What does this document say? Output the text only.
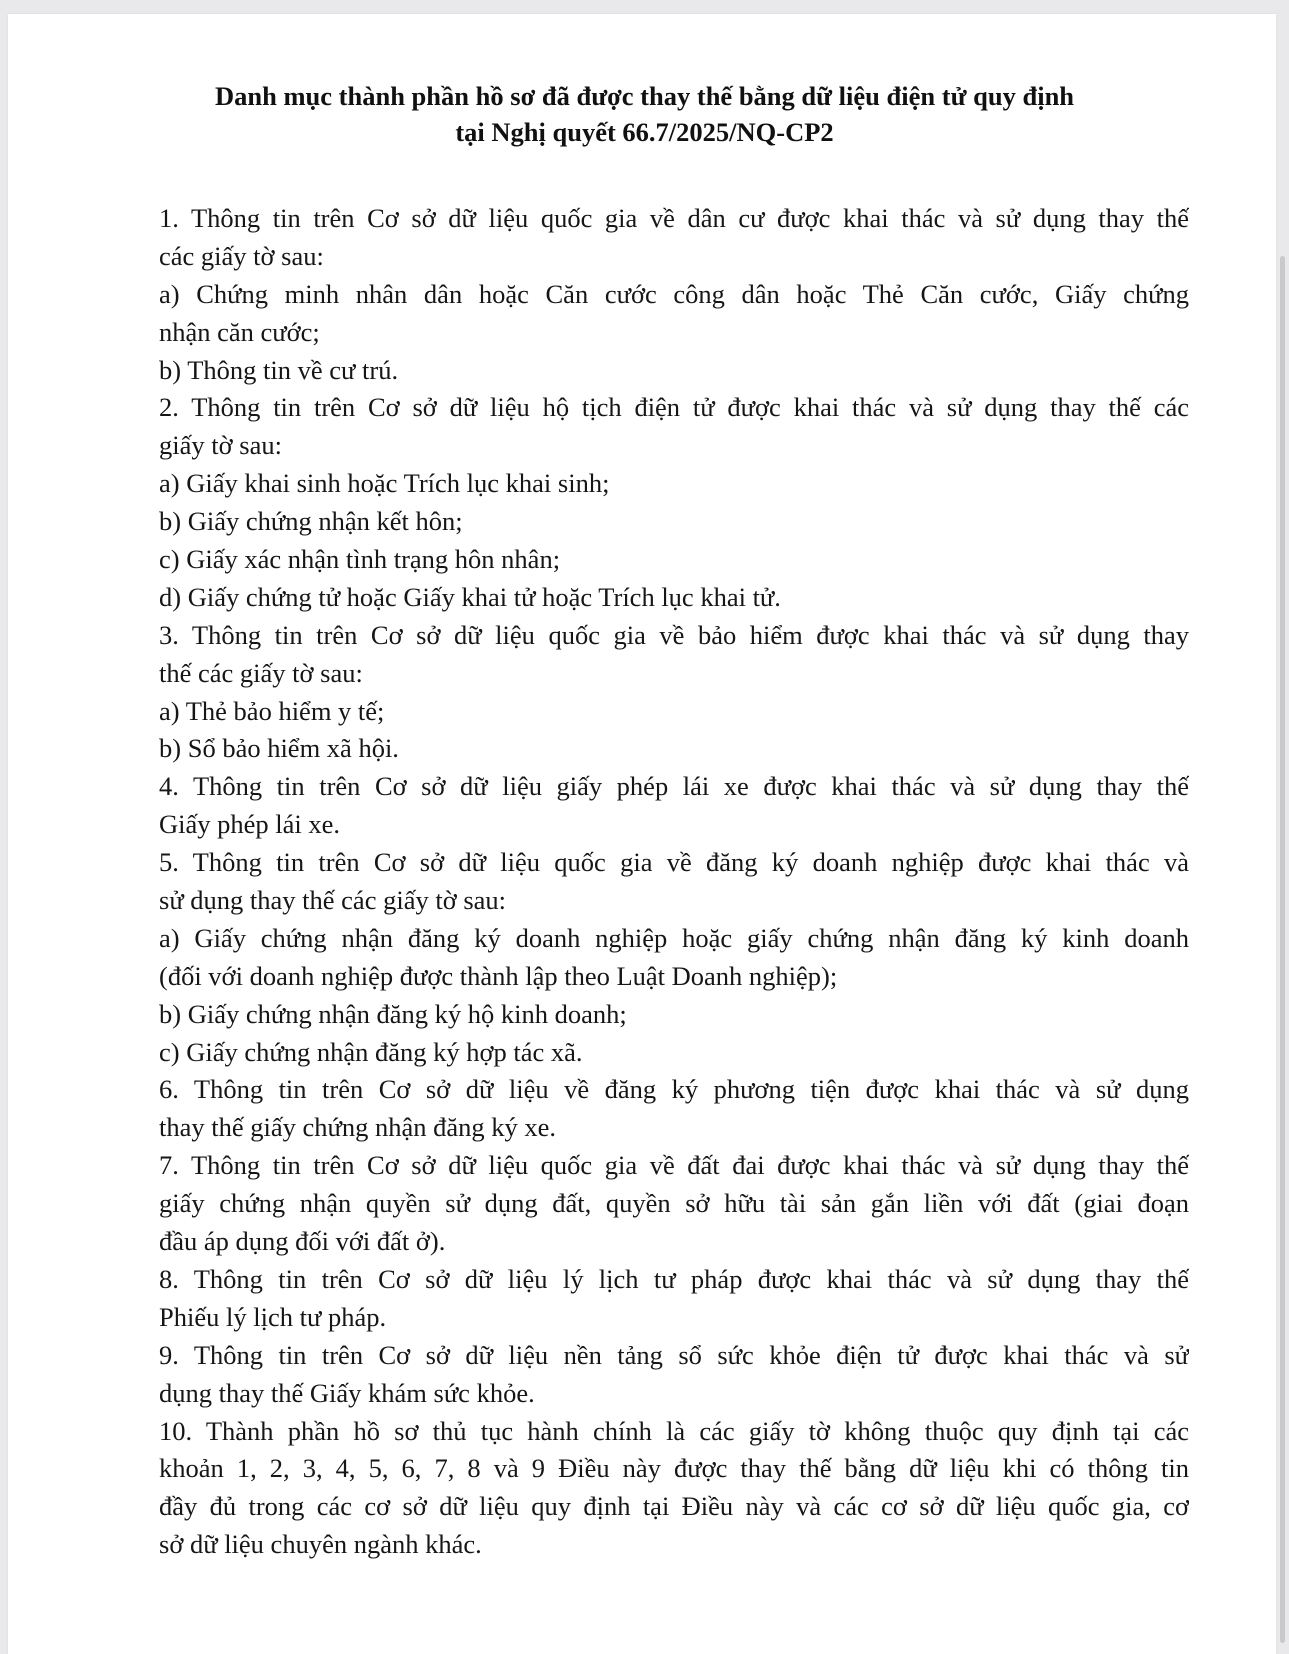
Danh mục thành phần hồ sơ đã được thay thế bằng dữ liệu điện tử quy định
tại Nghị quyết 66.7/2025/NQ-CP2
1. Thông tin trên Cơ sở dữ liệu quốc gia về dân cư được khai thác và sử dụng thay thế
các giấy tờ sau:
a) Chứng minh nhân dân hoặc Căn cước công dân hoặc Thẻ Căn cước, Giấy chứng
nhận căn cước;
b) Thông tin về cư trú.
2. Thông tin trên Cơ sở dữ liệu hộ tịch điện tử được khai thác và sử dụng thay thế các
giấy tờ sau:
a) Giấy khai sinh hoặc Trích lục khai sinh;
b) Giấy chứng nhận kết hôn;
c) Giấy xác nhận tình trạng hôn nhân;
d) Giấy chứng tử hoặc Giấy khai tử hoặc Trích lục khai tử.
3. Thông tin trên Cơ sở dữ liệu quốc gia về bảo hiểm được khai thác và sử dụng thay
thế các giấy tờ sau:
a) Thẻ bảo hiểm y tế;
b) Sổ bảo hiểm xã hội.
4. Thông tin trên Cơ sở dữ liệu giấy phép lái xe được khai thác và sử dụng thay thế
Giấy phép lái xe.
5. Thông tin trên Cơ sở dữ liệu quốc gia về đăng ký doanh nghiệp được khai thác và
sử dụng thay thế các giấy tờ sau:
a) Giấy chứng nhận đăng ký doanh nghiệp hoặc giấy chứng nhận đăng ký kinh doanh
(đối với doanh nghiệp được thành lập theo Luật Doanh nghiệp);
b) Giấy chứng nhận đăng ký hộ kinh doanh;
c) Giấy chứng nhận đăng ký hợp tác xã.
6. Thông tin trên Cơ sở dữ liệu về đăng ký phương tiện được khai thác và sử dụng
thay thế giấy chứng nhận đăng ký xe.
7. Thông tin trên Cơ sở dữ liệu quốc gia về đất đai được khai thác và sử dụng thay thế
giấy chứng nhận quyền sử dụng đất, quyền sở hữu tài sản gắn liền với đất (giai đoạn
đầu áp dụng đối với đất ở).
8. Thông tin trên Cơ sở dữ liệu lý lịch tư pháp được khai thác và sử dụng thay thế
Phiếu lý lịch tư pháp.
9. Thông tin trên Cơ sở dữ liệu nền tảng sổ sức khỏe điện tử được khai thác và sử
dụng thay thế Giấy khám sức khỏe.
10. Thành phần hồ sơ thủ tục hành chính là các giấy tờ không thuộc quy định tại các
khoản 1, 2, 3, 4, 5, 6, 7, 8 và 9 Điều này được thay thế bằng dữ liệu khi có thông tin
đầy đủ trong các cơ sở dữ liệu quy định tại Điều này và các cơ sở dữ liệu quốc gia, cơ
sở dữ liệu chuyên ngành khác.
